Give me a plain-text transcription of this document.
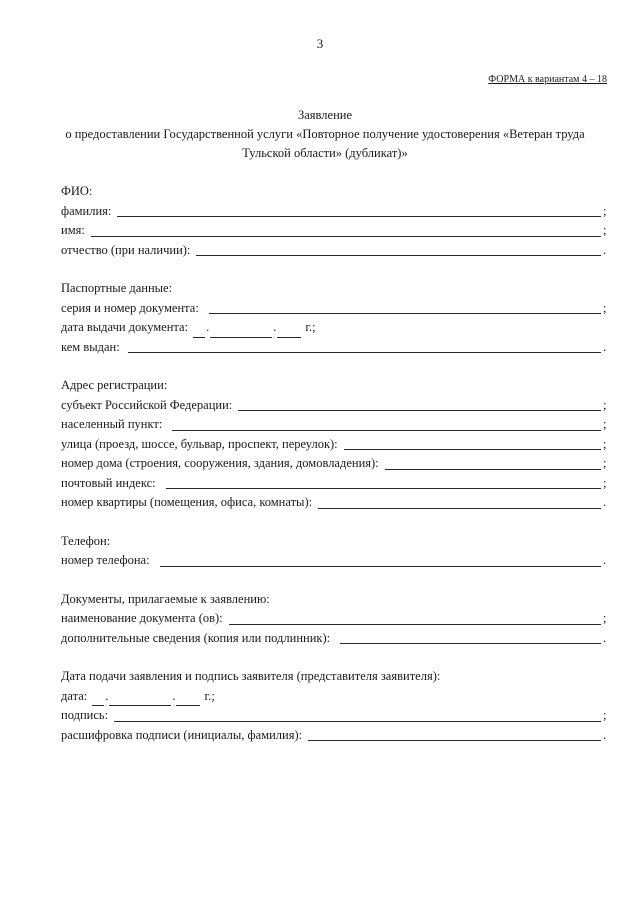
3
ФОРМА к вариантам 4 – 18
Заявление
о предоставлении Государственной услуги «Повторное получение удостоверения «Ветеран труда
Тульской области» (дубликат)»
ФИО:
фамилия:	;
имя:	;
отчество (при наличии):	.
Паспортные данные:
серия и номер документа:	;
дата выдачи документа: .	. г.;
кем выдан:	.
Адрес регистрации:
субъект Российской Федерации:	;
населенный пункт:	;
улица (проезд, шоссе, бульвар, проспект, переулок):	;
номер дома (строения, сооружения, здания, домовладения):	;
почтовый индекс:	;
номер квартиры (помещения, офиса, комнаты):	.
Телефон:
номер телефона:	.
Документы, прилагаемые к заявлению:
наименование документа (ов):	;
дополнительные сведения (копия или подлинник):	.
Дата подачи заявления и подпись заявителя (представителя заявителя):
дата: .	. г.;
подпись:	;
расшифровка подписи (инициалы, фамилия):	.
